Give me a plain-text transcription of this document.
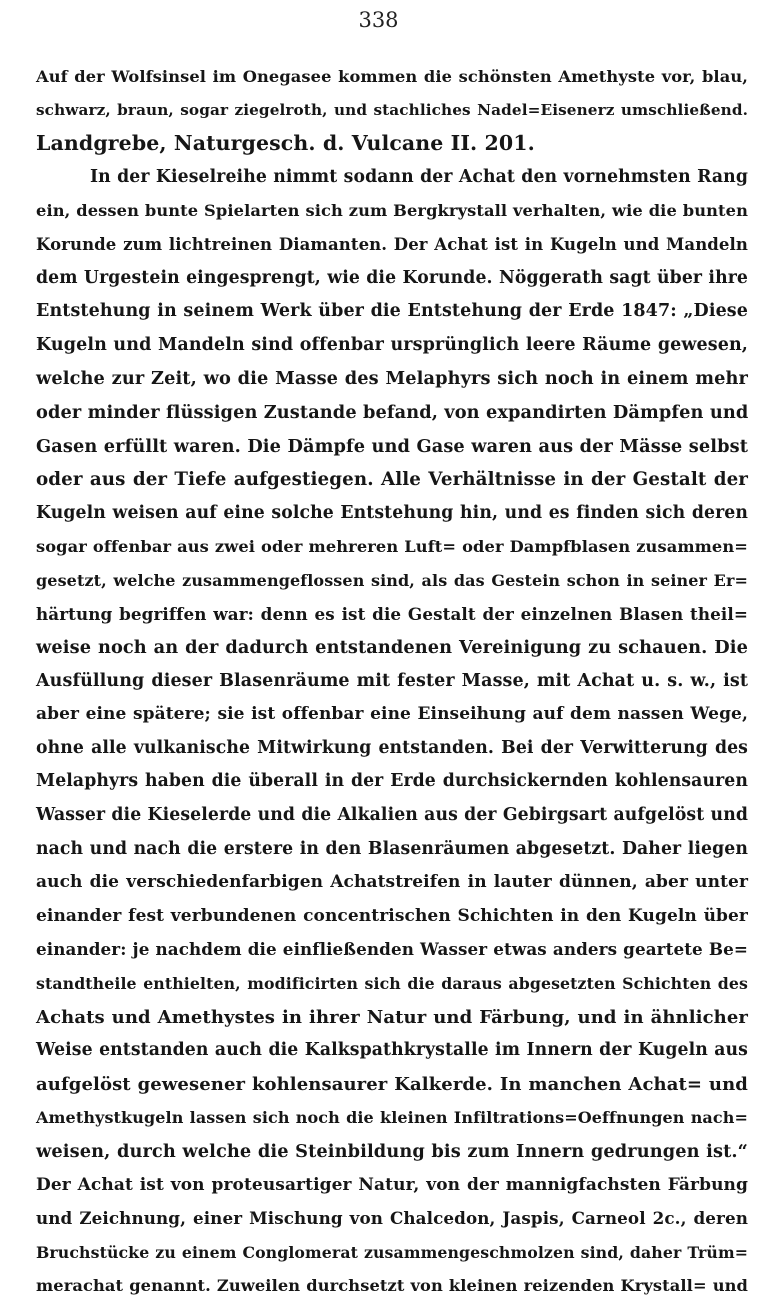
338
Auf der Wolfsinsel im Onegasee kommen die schönsten Amethyste vor, blau,
schwarz, braun, sogar ziegelroth, und stachliches Nadel=Eisenerz umschließend.
Landgrebe, Naturgesch. d. Vulcane II. 201.
In der Kieselreihe nimmt sodann der Achat den vornehmsten Rang
ein, dessen bunte Spielarten sich zum Bergkrystall verhalten, wie die bunten
Korunde zum lichtreinen Diamanten. Der Achat ist in Kugeln und Mandeln
dem Urgestein eingesprengt, wie die Korunde. Nöggerath sagt über ihre
Entstehung in seinem Werk über die Entstehung der Erde 1847: „Diese
Kugeln und Mandeln sind offenbar ursprünglich leere Räume gewesen,
welche zur Zeit, wo die Masse des Melaphyrs sich noch in einem mehr
oder minder flüssigen Zustande befand, von expandirten Dämpfen und
Gasen erfüllt waren. Die Dämpfe und Gase waren aus der Mässe selbst
oder aus der Tiefe aufgestiegen. Alle Verhältnisse in der Gestalt der
Kugeln weisen auf eine solche Entstehung hin, und es finden sich deren
sogar offenbar aus zwei oder mehreren Luft= oder Dampfblasen zusammen=
gesetzt, welche zusammengeflossen sind, als das Gestein schon in seiner Er=
härtung begriffen war: denn es ist die Gestalt der einzelnen Blasen theil=
weise noch an der dadurch entstandenen Vereinigung zu schauen. Die
Ausfüllung dieser Blasenräume mit fester Masse, mit Achat u. s. w., ist
aber eine spätere; sie ist offenbar eine Einseihung auf dem nassen Wege,
ohne alle vulkanische Mitwirkung entstanden. Bei der Verwitterung des
Melaphyrs haben die überall in der Erde durchsickernden kohlensauren
Wasser die Kieselerde und die Alkalien aus der Gebirgsart aufgelöst und
nach und nach die erstere in den Blasenräumen abgesetzt. Daher liegen
auch die verschiedenfarbigen Achatstreifen in lauter dünnen, aber unter
einander fest verbundenen concentrischen Schichten in den Kugeln über
einander: je nachdem die einfließenden Wasser etwas anders geartete Be=
standtheile enthielten, modificirten sich die daraus abgesetzten Schichten des
Achats und Amethystes in ihrer Natur und Färbung, und in ähnlicher
Weise entstanden auch die Kalkspathkrystalle im Innern der Kugeln aus
aufgelöst gewesener kohlensaurer Kalkerde. In manchen Achat= und
Amethystkugeln lassen sich noch die kleinen Infiltrations=Oeffnungen nach=
weisen, durch welche die Steinbildung bis zum Innern gedrungen ist.“
Der Achat ist von proteusartiger Natur, von der mannigfachsten Färbung
und Zeichnung, einer Mischung von Chalcedon, Jaspis, Carneol 2c., deren
Bruchstücke zu einem Conglomerat zusammengeschmolzen sind, daher Trüm=
merachat genannt. Zuweilen durchsetzt von kleinen reizenden Krystall= und
